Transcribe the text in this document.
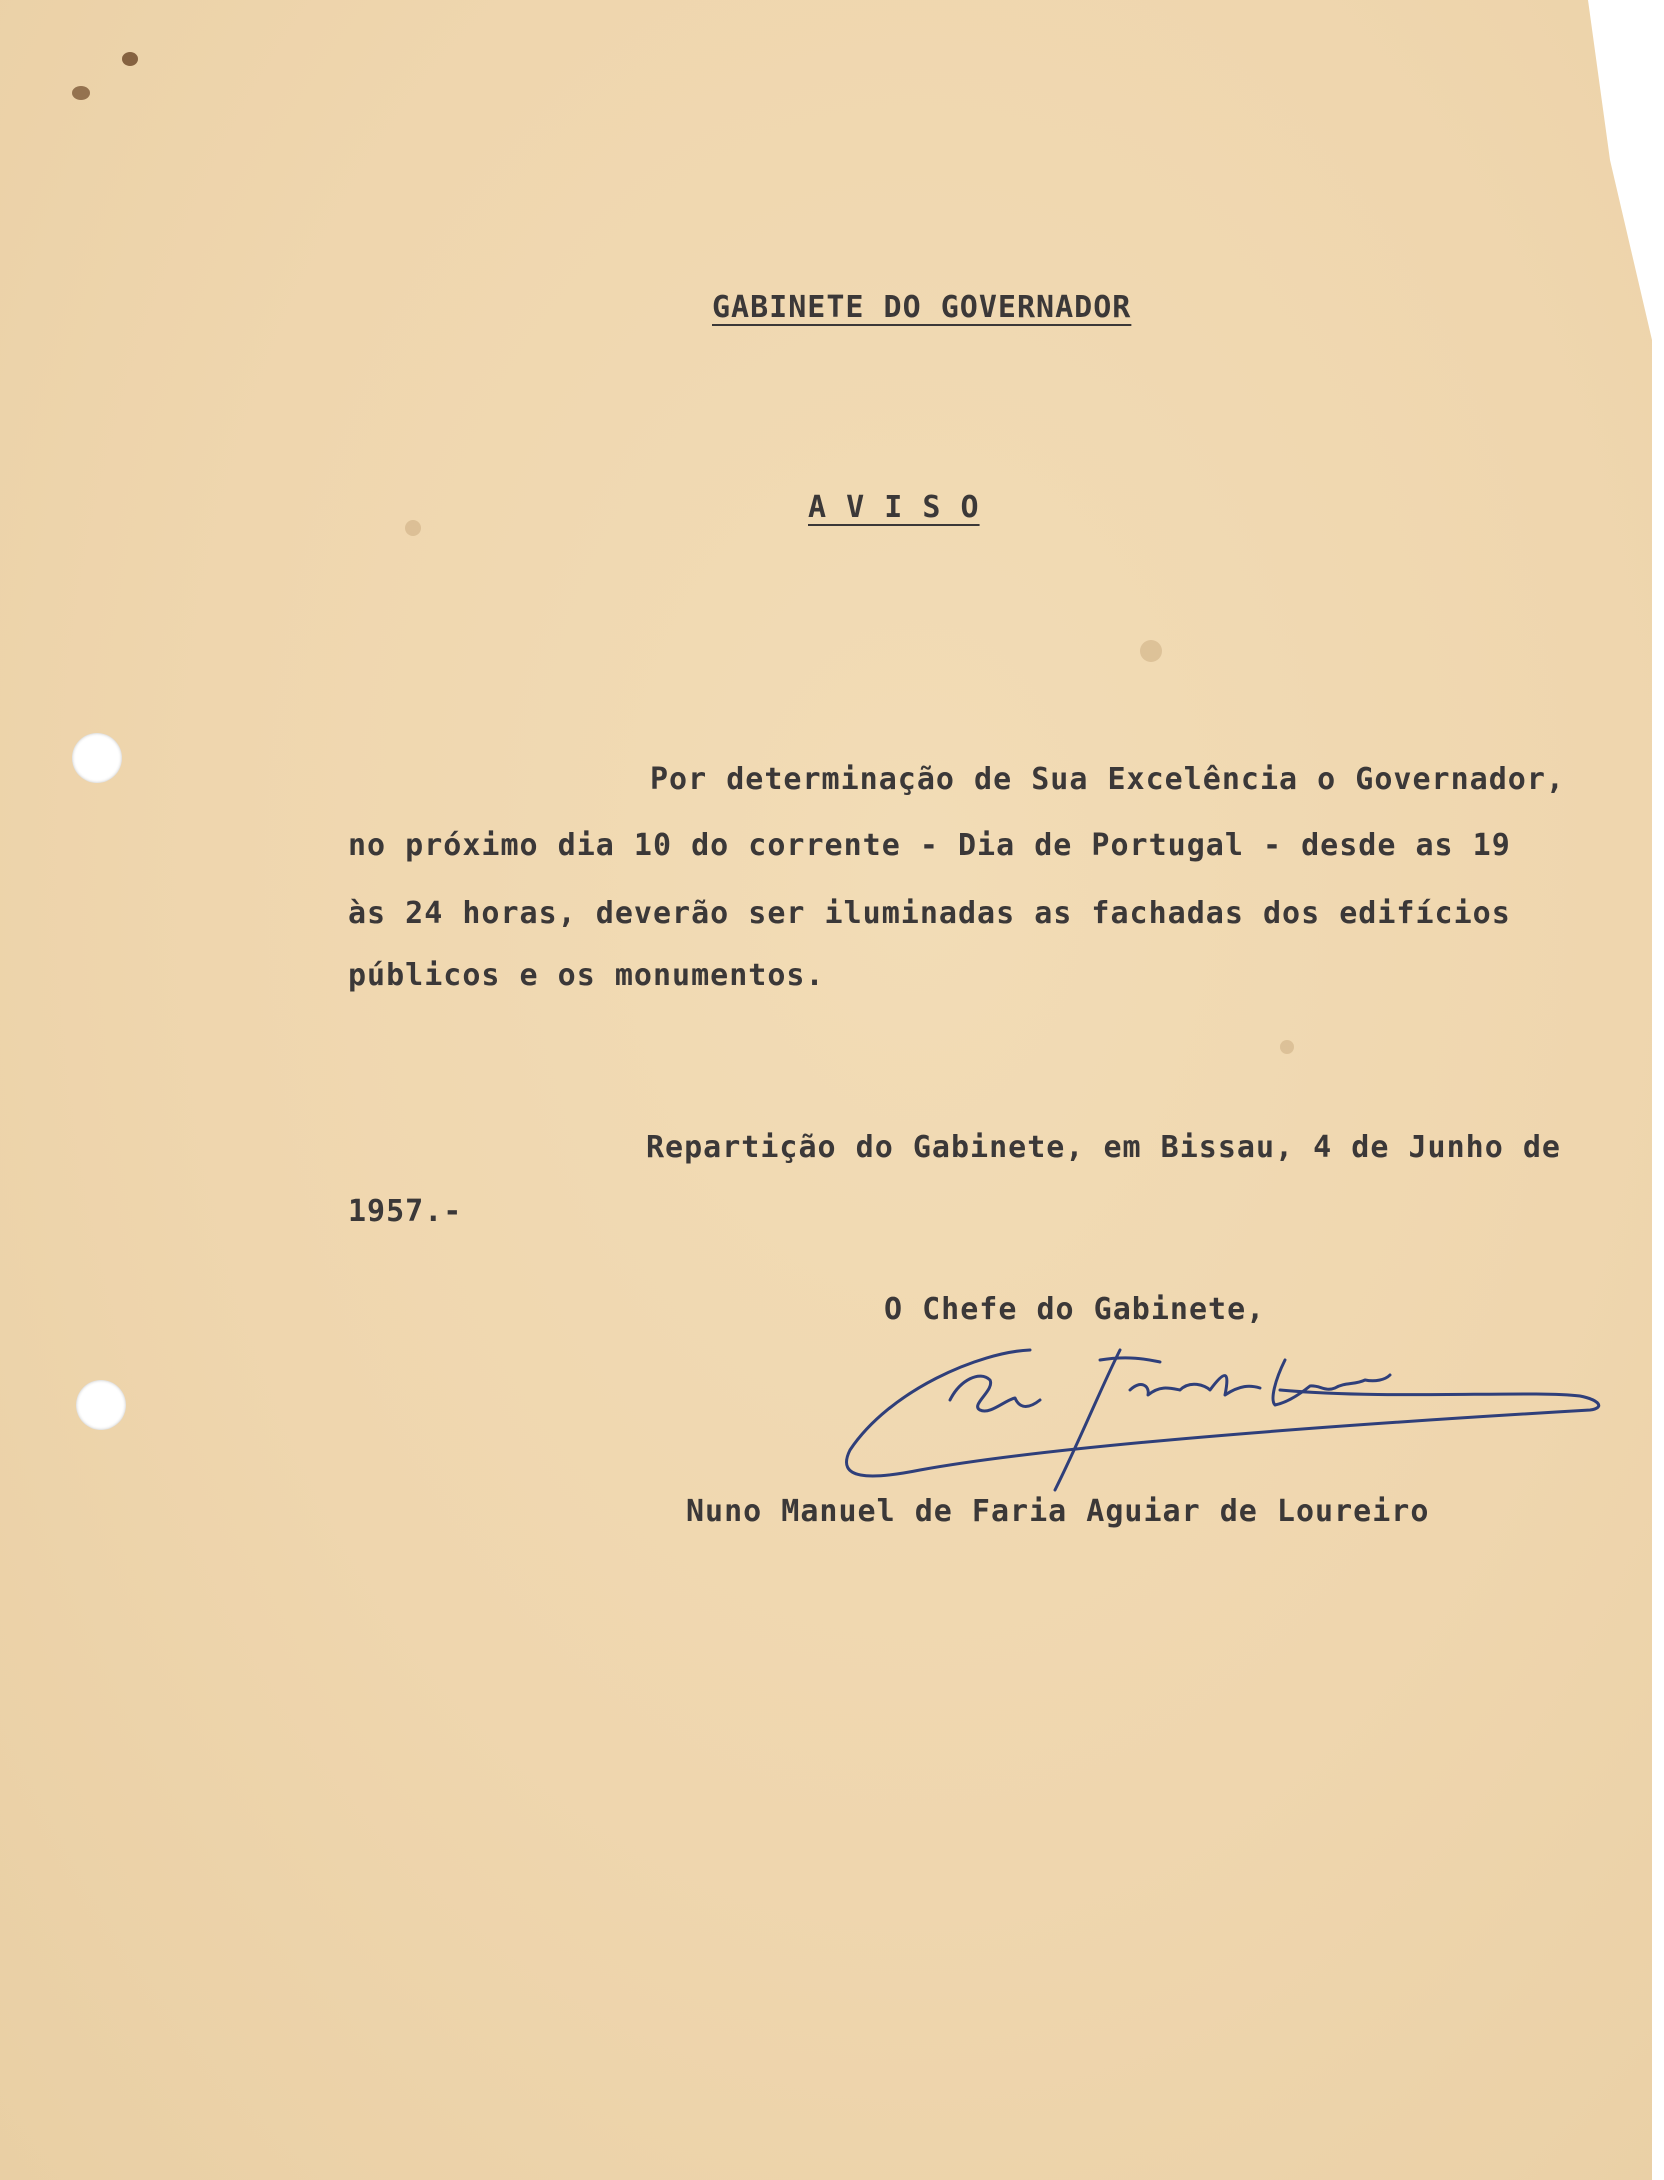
GABINETE DO GOVERNADOR
A V I S O
Por determinação de Sua Excelência o Governador,
no próximo dia 10 do corrente - Dia de Portugal - desde as 19
às 24 horas, deverão ser iluminadas as fachadas dos edifícios
públicos e os monumentos.
Repartição do Gabinete, em Bissau, 4 de Junho de
1957.-
O Chefe do Gabinete,
Nuno Manuel de Faria Aguiar de Loureiro
